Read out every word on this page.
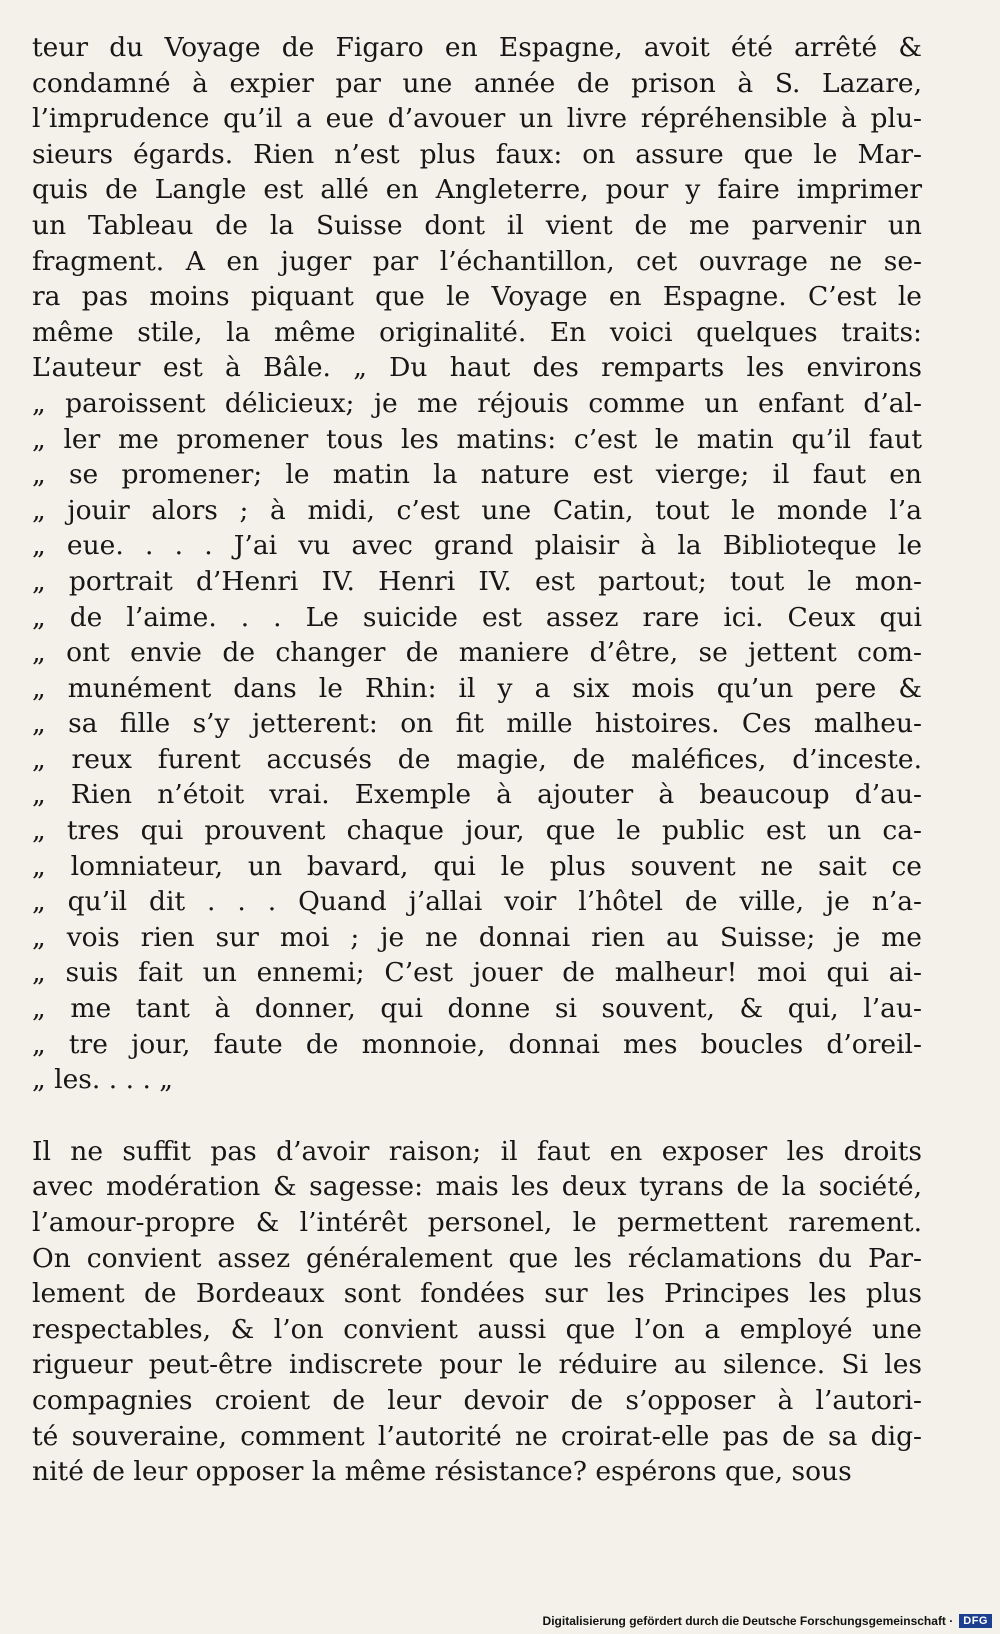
teur du Voyage de Figaro en Espagne, avoit été arrêté &
condamné à expier par une année de prison à S. Lazare,
l’imprudence qu’il a eue d’avouer un livre répréhensible à plu-
sieurs égards. Rien n’est plus faux: on assure que le Mar-
quis de Langle est allé en Angleterre, pour y faire imprimer
un Tableau de la Suisse dont il vient de me parvenir un
fragment. A en juger par l’échantillon, cet ouvrage ne se-
ra pas moins piquant que le Voyage en Espagne. C’est le
même stile, la même originalité. En voici quelques traits:
L’auteur est à Bâle. „ Du haut des remparts les environs
„ paroissent délicieux; je me réjouis comme un enfant d’al-
„ ler me promener tous les matins: c’est le matin qu’il faut
„ se promener; le matin la nature est vierge; il faut en
„ jouir alors ; à midi, c’est une Catin, tout le monde l’a
„ eue. . . . J’ai vu avec grand plaisir à la Biblioteque le
„ portrait d’Henri IV. Henri IV. est partout; tout le mon-
„ de l’aime. . . Le suicide est assez rare ici. Ceux qui
„ ont envie de changer de maniere d’être, se jettent com-
„ munément dans le Rhin: il y a six mois qu’un pere &
„ sa fille s’y jetterent: on fit mille histoires. Ces malheu-
„ reux furent accusés de magie, de maléfices, d’inceste.
„ Rien n’étoit vrai. Exemple à ajouter à beaucoup d’au-
„ tres qui prouvent chaque jour, que le public est un ca-
„ lomniateur, un bavard, qui le plus souvent ne sait ce
„ qu’il dit . . . Quand j’allai voir l’hôtel de ville, je n’a-
„ vois rien sur moi ; je ne donnai rien au Suisse; je me
„ suis fait un ennemi; C’est jouer de malheur! moi qui ai-
„ me tant à donner, qui donne si souvent, & qui, l’au-
„ tre jour, faute de monnoie, donnai mes boucles d’oreil-
„ les. . . . „
Il ne suffit pas d’avoir raison; il faut en exposer les droits
avec modération & sagesse: mais les deux tyrans de la société,
l’amour-propre & l’intérêt personel, le permettent rarement.
On convient assez généralement que les réclamations du Par-
lement de Bordeaux sont fondées sur les Principes les plus
respectables, & l’on convient aussi que l’on a employé une
rigueur peut-être indiscrete pour le réduire au silence. Si les
compagnies croient de leur devoir de s’opposer à l’autori-
té souveraine, comment l’autorité ne croirat-elle pas de sa dig-
nité de leur opposer la même résistance? espérons que, sous
Digitalisierung gefördert durch die Deutsche Forschungsgemeinschaft · DFG
